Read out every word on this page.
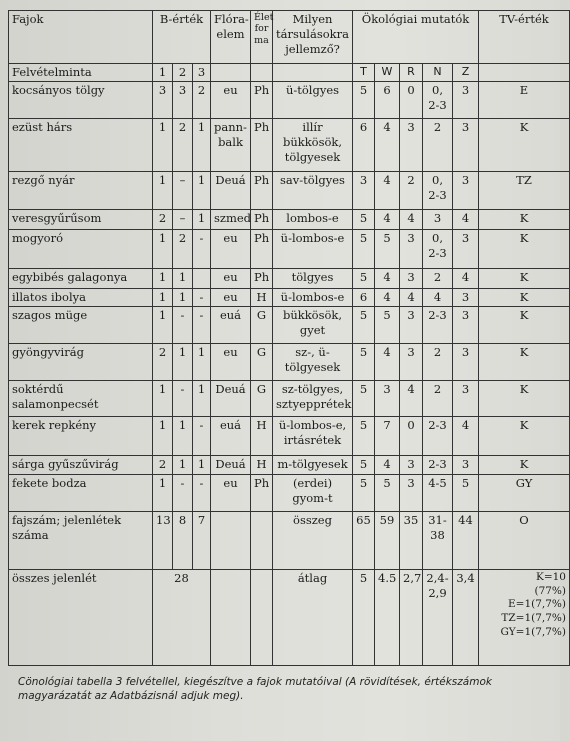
Fajok	B-érték			Flóra-elem	Élet for ma	Milyen társulásokra jellemző?	Ökológiai mutatók					TV-érték
Felvételminta	1	2	3				T	W	R	N	Z	
kocsányos tölgy	3	3	2	eu	Ph	ü-tölgyes	5	6	0	0, 2-3	3	E
ezüst hárs	1	2	1	pann-balk	Ph	illír bükkösök, tölgyesek	6	4	3	2	3	K
rezgő nyár	1	–	1	Deuá	Ph	sav-tölgyes	3	4	2	0, 2-3	3	TZ
veresgyűrűsom	2	–	1	szmed	Ph	lombos-e	5	4	4	3	4	K
mogyoró	1	2	-	eu	Ph	ü-lombos-e	5	5	3	0, 2-3	3	K
egybibés galagonya	1	1		eu	Ph	tölgyes	5	4	3	2	4	K
illatos ibolya	1	1	-	eu	H	ü-lombos-e	6	4	4	4	3	K
szagos müge	1	-	-	euá	G	bükkösök, gyet	5	5	3	2-3	3	K
gyöngyvirág	2	1	1	eu	G	sz-, ü-tölgyesek	5	4	3	2	3	K
soktérdű salamonpecsét	1	-	1	Deuá	G	sz-tölgyes, sztyepprétek	5	3	4	2	3	K
kerek repkény	1	1	-	euá	H	ü-lombos-e, irtásrétek	5	7	0	2-3	4	K
sárga gyűszűvirág	2	1	1	Deuá	H	m-tölgyesek	5	4	3	2-3	3	K
fekete bodza	1	-	-	eu	Ph	(erdei) gyom-t	5	5	3	4-5	5	GY
fajszám; jelenlétek száma	13	8	7			összeg	65	59	35	31-38	44	O
összes jelenlét	28					átlag	5	4.5	2,7	2,4-2,9	3,4	K=10
(77%)
E=1(7,7%)
TZ=1(7,7%)
GY=1(7,7%)
Cönológiai tabella 3 felvétellel, kiegészítve a fajok mutatóival (A rövidítések, értékszámok magyarázatát az Adatbázisnál adjuk meg).
